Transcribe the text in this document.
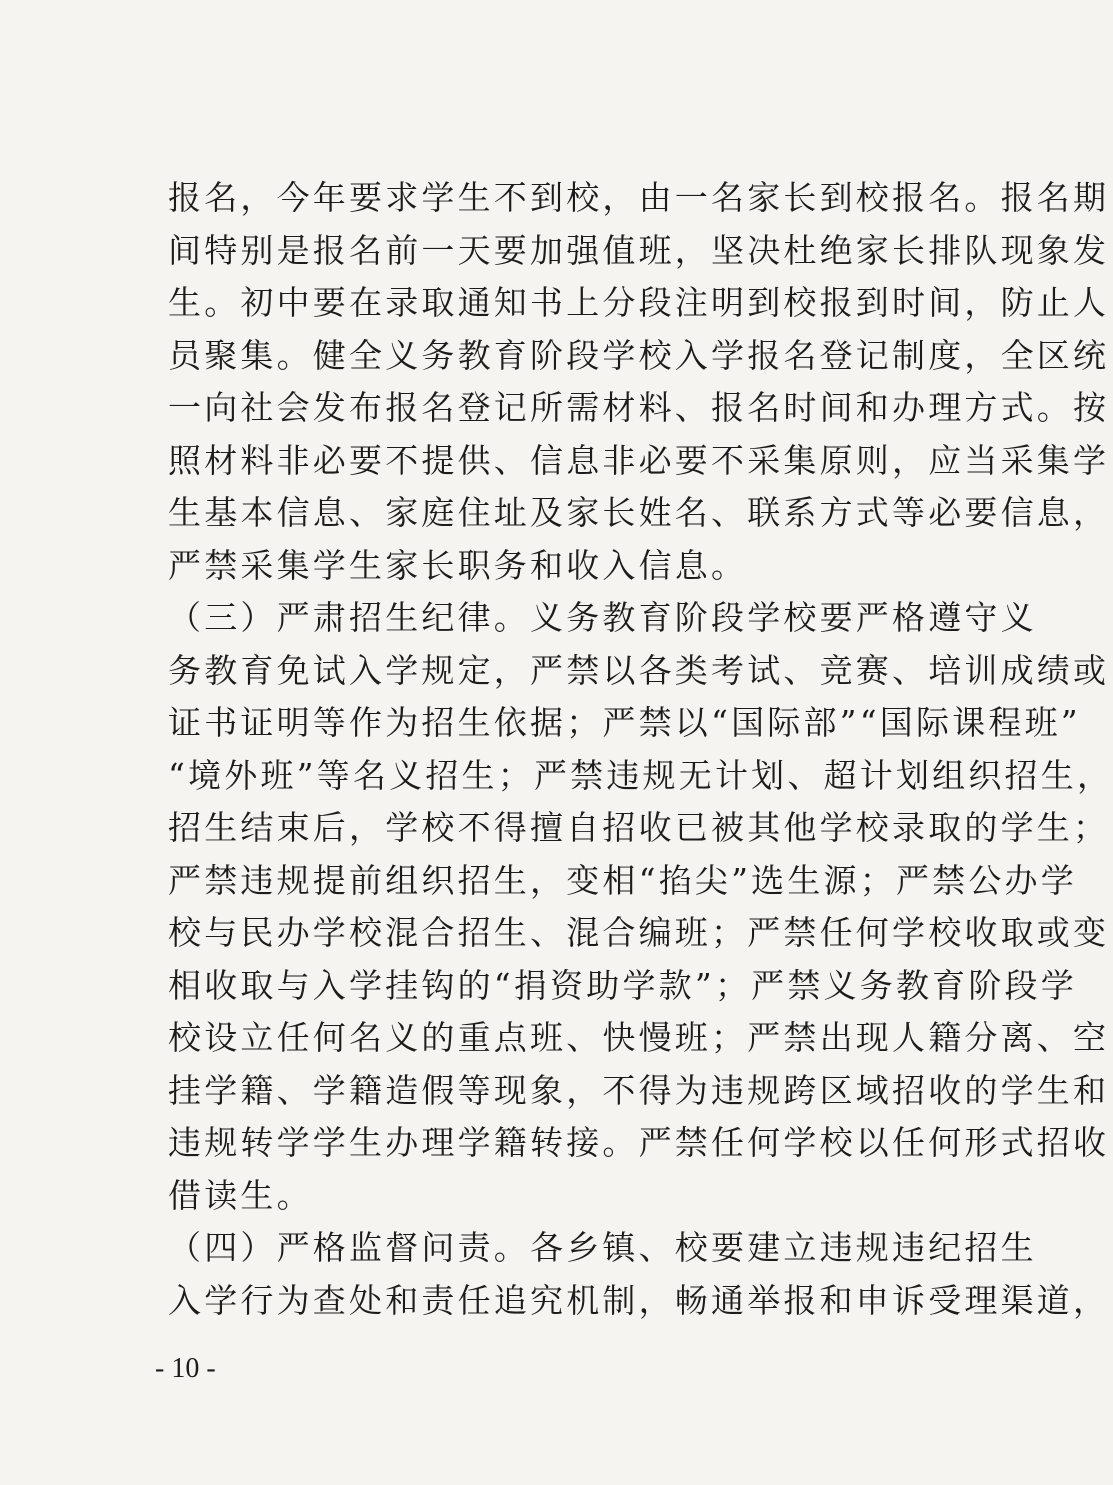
报名，今年要求学生不到校，由一名家长到校报名。报名期
间特别是报名前一天要加强值班，坚决杜绝家长排队现象发
生。初中要在录取通知书上分段注明到校报到时间，防止人
员聚集。健全义务教育阶段学校入学报名登记制度，全区统
一向社会发布报名登记所需材料、报名时间和办理方式。按
照材料非必要不提供、信息非必要不采集原则，应当采集学
生基本信息、家庭住址及家长姓名、联系方式等必要信息，
严禁采集学生家长职务和收入信息。
（三）严肃招生纪律。义务教育阶段学校要严格遵守义
务教育免试入学规定，严禁以各类考试、竞赛、培训成绩或
证书证明等作为招生依据；严禁以“国际部”“国际课程班”
“境外班”等名义招生；严禁违规无计划、超计划组织招生，
招生结束后，学校不得擅自招收已被其他学校录取的学生；
严禁违规提前组织招生，变相“掐尖”选生源；严禁公办学
校与民办学校混合招生、混合编班；严禁任何学校收取或变
相收取与入学挂钩的“捐资助学款”；严禁义务教育阶段学
校设立任何名义的重点班、快慢班；严禁出现人籍分离、空
挂学籍、学籍造假等现象，不得为违规跨区域招收的学生和
违规转学学生办理学籍转接。严禁任何学校以任何形式招收
借读生。
（四）严格监督问责。各乡镇、校要建立违规违纪招生
入学行为查处和责任追究机制，畅通举报和申诉受理渠道，
- 10 -
